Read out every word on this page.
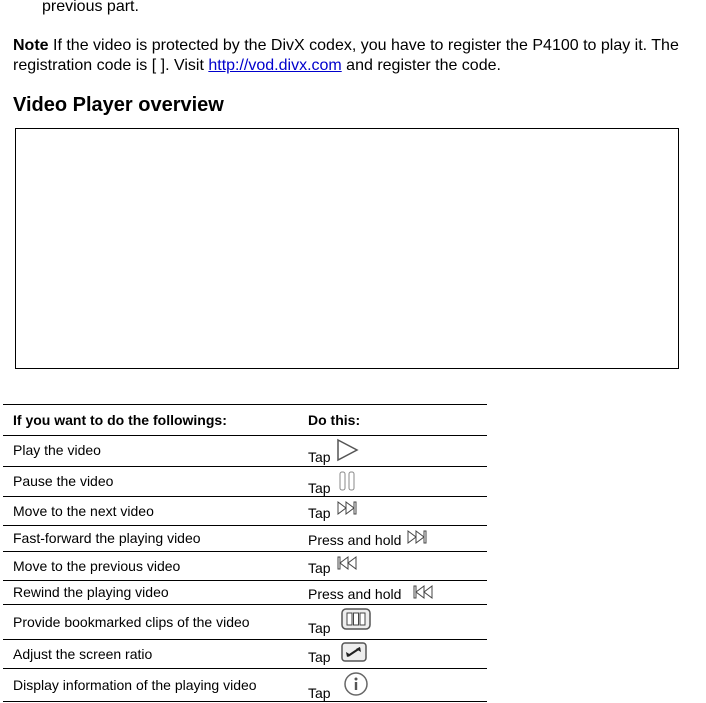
previous part.
Note If the video is protected by the DivX codex, you have to register the P4100 to play it. The registration code is [ ]. Visit http://vod.divx.com and register the code.
Video Player overview
If you want to do the followings:	Do this:

Play the video	Tap

Pause the video	Tap

Move to the next video	Tap

Fast-forward the playing video	Press and hold

Move to the previous video	Tap

Rewind the playing video	Press and hold

Provide bookmarked clips of the video	Tap

Adjust the screen ratio	Tap

Display information of the playing video	Tap
